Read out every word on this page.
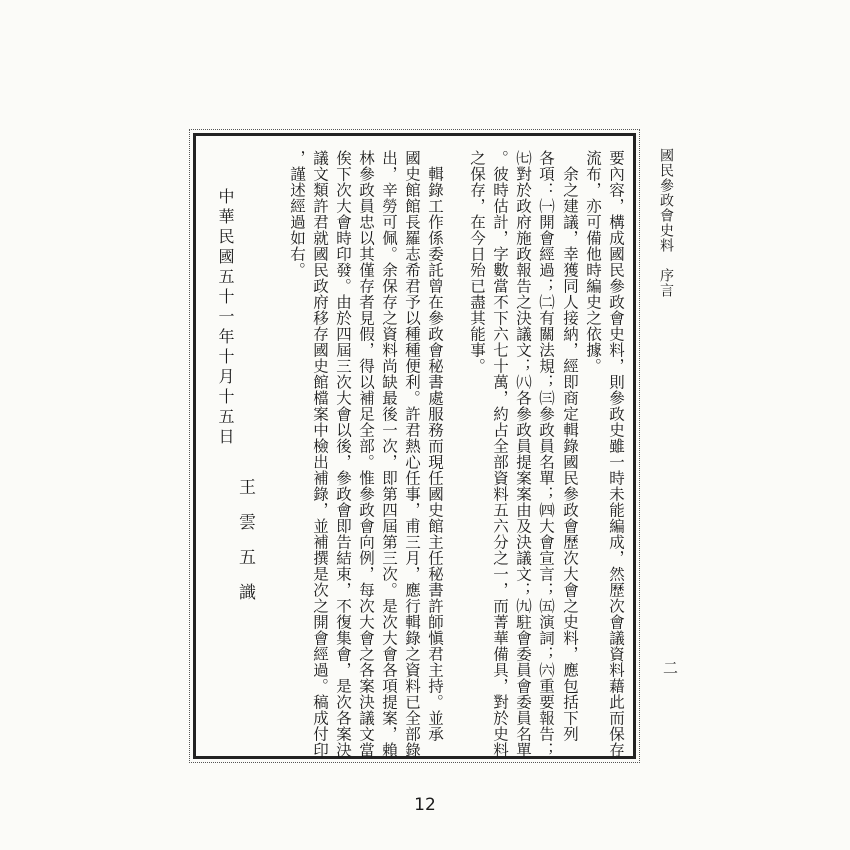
國民參政會史料　序言
二
要內容，構成國民參政會史料，則參政史雖一時未能編成，然歷次會議資料藉此而保存
流布，亦可備他時編史之依據。
　余之建議，幸獲同人接納，經即商定輯錄國民參政會歷次大會之史料，應包括下列
各項：㈠開會經過；㈡有關法規；㈢參政員名單；㈣大會宣言；㈤演詞；㈥重要報告；
㈦對於政府施政報告之決議文；㈧各參政員提案案由及決議文；㈨駐會委員會委員名單
。彼時估計，字數當不下六七十萬，約占全部資料五六分之一，而菁華備具，對於史料
之保存，在今日殆已盡其能事。
　輯錄工作係委託曾在參政會秘書處服務而現任國史館主任秘書許師愼君主持。並承
國史館館長羅志希君予以種種便利。許君熱心任事，甫三月，應行輯錄之資料已全部錄
出，辛勞可佩。余保存之資料尚缺最後一次，即第四屆第三次。是次大會各項提案，賴
林參政員忠以其僅存者見假，得以補足全部。惟參政會向例，每次大會之各案決議文當
俟下次大會時印發。由於四屆三次大會以後，參政會即告結束，不復集會，是次各案決
議文類許君就國民政府移存國史館檔案中檢出補錄，並補撰是次之開會經過。稿成付印
，謹述經過如右。
中華民國五十一年十月十五日
王雲五識
12
